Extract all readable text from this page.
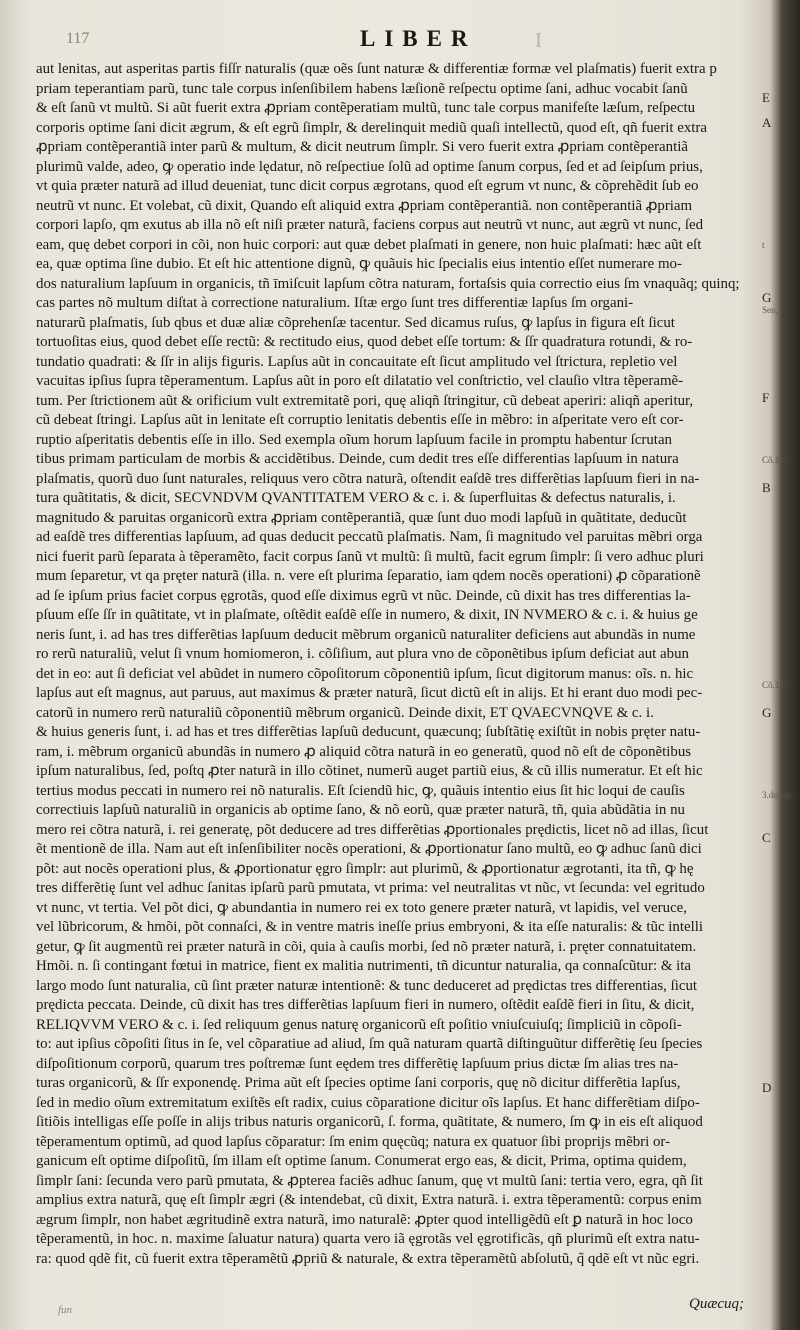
117	LIBER	I
aut lenitas, aut asperitas partis fiſſr naturalis (quæ oẽs ſunt naturæ & differentiæ formæ vel plaſmatis) fuerit extra p
priam teperantiam parũ, tunc tale corpus inſenſibilem habens læſionẽ reſpectu optime ſani, adhuc vocabit ſanũ
& eſt ſanũ vt multũ. Si aũt fuerit extra ꝓpriam contẽperatiam multũ, tunc tale corpus manifeſte læſum, reſpectu
corporis optime ſani dicit ægrum, & eſt egrũ ſimplr, & derelinquit mediũ quaſi intellectũ, quod eſt, qñ fuerit extra
ꝓpriam contẽperantiã inter parũ & multum, & dicit neutrum ſimplr. Si vero fuerit extra ꝓpriam contẽperantiã
plurimũ valde, adeo, ꝙ operatio inde lędatur, nõ reſpectiue ſolũ ad optime ſanum corpus, ſed et ad ſeipſum prius,
vt quia præter naturã ad illud deueniat, tunc dicit corpus ægrotans, quod eſt egrum vt nunc, & cõprehẽdit ſub eo
neutrũ vt nunc. Et volebat, cũ dixit, Quando eſt aliquid extra ꝓpriam contẽperantiã. non contẽperantiã ꝓpriam
corpori lapſo, qm exutus ab illa nõ eſt niſi præter naturã, faciens corpus aut neutrũ vt nunc, aut ægrũ vt nunc, ſed
eam, quę debet corpori in cõi, non huic corpori: aut quæ debet plaſmati in genere, non huic plaſmati: hæc aũt eſt
ea, quæ optima ſine dubio. Et eſt hic attentione dignũ, ꝙ quãuis hic ſpecialis eius intentio eſſet numerare mo-
dos naturalium lapſuum in organicis, tñ īmiſcuit lapſum cõtra naturam, fortaſsis quia correctio eius ſm vnaquãq; quinq;
cas partes nõ multum diſtat à correctione naturalium. Iſtæ ergo ſunt tres differentiæ lapſus ſm organi-
naturarũ plaſmatis, ſub qbus et duæ aliæ cõprehenſæ tacentur. Sed dicamus ruſus, ꝙ lapſus in figura eſt ſicut
tortuoſitas eius, quod debet eſſe rectũ: & rectitudo eius, quod debet eſſe tortum: & ſſr quadratura rotundi, & ro-
tundatio quadrati: & ſſr in alijs figuris. Lapſus aũt in concauitate eſt ſicut amplitudo vel ſtrictura, repletio vel
vacuitas ipſius ſupra tẽperamentum. Lapſus aũt in poro eſt dilatatio vel conſtrictio, vel clauſio vltra tẽperamẽ-
tum. Per ſtrictionem aũt & orificium vult extremitatẽ pori, quę aliqñ ſtringitur, cũ debeat aperiri: aliqñ aperitur,
cũ debeat ſtringi. Lapſus aũt in lenitate eſt corruptio lenitatis debentis eſſe in mẽbro: in aſperitate vero eſt cor-
ruptio aſperitatis debentis eſſe in illo. Sed exempla oĩum horum lapſuum facile in promptu habentur ſcrutan
tibus primam particulam de morbis & accidẽtibus. Deinde, cum dedit tres eſſe differentias lapſuum in natura
plaſmatis, quorũ duo ſunt naturales, reliquus vero cõtra naturã, oſtendit eaſdẽ tres differẽtias lapſuum fieri in na-
tura quãtitatis, & dicit, SECVNDVM QVANTITATEM VERO & c. i. & ſuperfluitas & defectus naturalis, i.
magnitudo & paruitas organicorũ extra ꝓpriam contẽperantiã, quæ ſunt duo modi lapſuũ in quãtitate, deducũt
ad eaſdẽ tres differentias lapſuum, ad quas deducit peccatũ plaſmatis. Nam, ſi magnitudo vel paruitas mẽbri orga
nici fuerit parũ ſeparata à tẽperamẽto, facit corpus ſanũ vt multũ: ſi multũ, facit egrum ſimplr: ſi vero adhuc pluri
mum ſeparetur, vt qa pręter naturã (illa. n. vere eſt plurima ſeparatio, iam qdem nocẽs operationi) ꝓ cõparationẽ
ad ſe ipſum prius faciet corpus ęgrotãs, quod eſſe diximus egrũ vt nũc. Deinde, cũ dixit has tres differentias la-
pſuum eſſe ſſr in quãtitate, vt in plaſmate, oſtẽdit eaſdẽ eſſe in numero, & dixit, IN NVMERO & c. i. & huius ge
neris ſunt, i. ad has tres differẽtias lapſuum deducit mẽbrum organicũ naturaliter deficiens aut abundãs in nume
ro rerũ naturaliũ, velut ſi vnum homiomeron, i. cõſiſium, aut plura vno de cõponẽtibus ipſum deficiat aut abun
det in eo: aut ſi deficiat vel abũdet in numero cõpoſitorum cõponentiũ ipſum, ſicut digitorum manus: oĩs. n. hic
lapſus aut eſt magnus, aut paruus, aut maximus & præter naturã, ſicut dictũ eſt in alijs. Et hi erant duo modi pec-
catorũ in numero rerũ naturaliũ cõponentiũ mẽbrum organicũ. Deinde dixit, ET QVAECVNQVE & c. i.
& huius generis ſunt, i. ad has et tres differẽtias lapſuũ deducunt, quæcunq; ſubſtãtię exiſtũt in nobis pręter natu-
ram, i. mẽbrum organicũ abundãs in numero ꝓ aliquid cõtra naturã in eo generatũ, quod nõ eſt de cõponẽtibus
ipſum naturalibus, ſed, poſtq ꝓter naturã in illo cõtinet, numerũ auget partiũ eius, & cũ illis numeratur. Et eſt hic
tertius modus peccati in numero rei nõ naturalis. Eſt ſciendũ hic, ꝙ, quãuis intentio eius ſit hic loqui de cauſis
correctiuis lapſuũ naturaliũ in organicis ab optime ſano, & nõ eorũ, quæ præter naturã, tñ, quia abũdãtia in nu
mero rei cõtra naturã, i. rei generatę, põt deducere ad tres differẽtias ꝓportionales prędictis, licet nõ ad illas, ſicut
ẽt mentionẽ de illa. Nam aut eſt inſenſibiliter nocẽs operationi, & ꝓportionatur ſano multũ, eo ꝙ adhuc ſanũ dici
põt: aut nocẽs operationi plus, & ꝓportionatur ęgro ſimplr: aut plurimũ, & ꝓportionatur ægrotanti, ita tñ, ꝙ hę
tres differẽtię ſunt vel adhuc ſanitas ipſarũ parũ pmutata, vt prima: vel neutralitas vt nũc, vt ſecunda: vel egritudo
vt nunc, vt tertia. Vel põt dici, ꝙ abundantia in numero rei ex toto genere præter naturã, vt lapidis, vel veruce,
vel lũbricorum, & hmõi, põt connaſci, & in ventre matris ineſſe prius embryoni, & ita eſſe naturalis: & tũc intelli
getur, ꝙ ſit augmentũ rei præter naturã in cõi, quia à cauſis morbi, ſed nõ præter naturã, i. pręter connatuitatem.
Hmõi. n. ſi contingant fœtui in matrice, fient ex malitia nutrimenti, tñ dicuntur naturalia, qa connaſcũtur: & ita
largo modo ſunt naturalia, cũ ſint præter naturæ intentionẽ: & tunc deduceret ad prędictas tres differentias, ſicut
prędicta peccata. Deinde, cũ dixit has tres differẽtias lapſuum fieri in numero, oſtẽdit eaſdẽ fieri in ſitu, & dicit,
RELIQVVM VERO & c. i. ſed reliquum genus naturę organicorũ eſt poſitio vniuſcuiuſq; ſimpliciũ in cõpoſi-
to: aut ipſius cõpoſiti ſitus in ſe, vel cõparatiue ad aliud, ſm quã naturam quartã diſtinguũtur differẽtię ſeu ſpecies
diſpoſitionum corporũ, quarum tres poſtremæ ſunt eędem tres differẽtię lapſuum prius dictæ ſm alias tres na-
turas organicorũ, & ſſr exponendę. Prima aũt eſt ſpecies optime ſani corporis, quę nõ dicitur differẽtia lapſus,
ſed in medio oĩum extremitatum exiſtẽs eſt radix, cuius cõparatione dicitur oĩs lapſus. Et hanc differẽtiam diſpo-
ſitiõis intelligas eſſe poſſe in alijs tribus naturis organicorũ, ſ. forma, quãtitate, & numero, ſm ꝙ in eis eſt aliquod
tẽperamentum optimũ, ad quod lapſus cõparatur: ſm enim quęcũq; natura ex quatuor ſibi proprijs mẽbri or-
ganicum eſt optime diſpoſitũ, ſm illam eſt optime ſanum. Conumerat ergo eas, & dicit, Prima, optima quidem,
ſimplr ſani: ſecunda vero parũ pmutata, & ꝓpterea faciẽs adhuc ſanum, quę vt multũ ſani: tertia vero, egra, qñ ſit
amplius extra naturã, quę eſt ſimplr ægri (& intendebat, cũ dixit, Extra naturã. i. extra tẽperamentũ: corpus enim
ægrum ſimplr, non habet ægritudinẽ extra naturã, imo naturalẽ: ꝓpter quod intelligẽdũ eſt ꝑ naturã in hoc loco
tẽperamentũ, in hoc. n. maxime ſaluatur natura) quarta vero iã ęgrotãs vel ęgrotificãs, qñ plurimũ eſt extra natu-
ra: quod qdẽ fit, cũ fuerit extra tẽperamẽtũ ꝓpriũ & naturale, & extra tẽperamẽtũ abſolutũ, q̃ qdẽ eſt vt nũc egri.
E
A
t
G
Sen.
F
Cõ.11.
B
Cõ.13.
G
3.de.iup.
C
D
fun	Quæcuq;
